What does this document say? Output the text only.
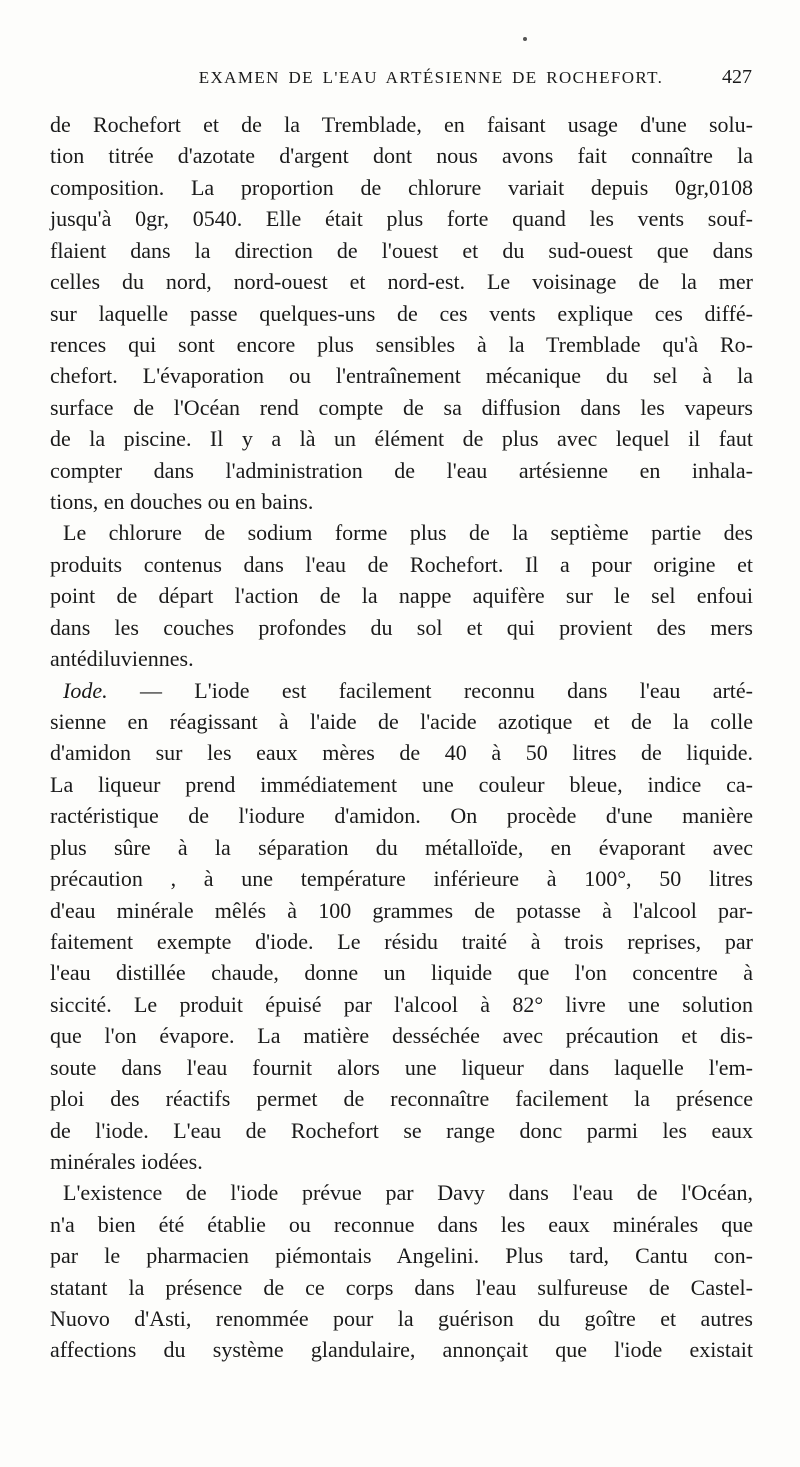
EXAMEN DE L'EAU ARTÉSIENNE DE ROCHEFORT.	427
de Rochefort et de la Tremblade, en faisant usage d'une solu-
tion titrée d'azotate d'argent dont nous avons fait connaître la
composition. La proportion de chlorure variait depuis 0gr,0108
jusqu'à 0gr, 0540. Elle était plus forte quand les vents souf-
flaient dans la direction de l'ouest et du sud-ouest que dans
celles du nord, nord-ouest et nord-est. Le voisinage de la mer
sur laquelle passe quelques-uns de ces vents explique ces diffé-
rences qui sont encore plus sensibles à la Tremblade qu'à Ro-
chefort. L'évaporation ou l'entraînement mécanique du sel à la
surface de l'Océan rend compte de sa diffusion dans les vapeurs
de la piscine. Il y a là un élément de plus avec lequel il faut
compter dans l'administration de l'eau artésienne en inhala-
tions, en douches ou en bains.
Le chlorure de sodium forme plus de la septième partie des
produits contenus dans l'eau de Rochefort. Il a pour origine et
point de départ l'action de la nappe aquifère sur le sel enfoui
dans les couches profondes du sol et qui provient des mers
antédiluviennes.
Iode. — L'iode est facilement reconnu dans l'eau arté-
sienne en réagissant à l'aide de l'acide azotique et de la colle
d'amidon sur les eaux mères de 40 à 50 litres de liquide.
La liqueur prend immédiatement une couleur bleue, indice ca-
ractéristique de l'iodure d'amidon. On procède d'une manière
plus sûre à la séparation du métalloïde, en évaporant avec
précaution , à une température inférieure à 100°, 50 litres
d'eau minérale mêlés à 100 grammes de potasse à l'alcool par-
faitement exempte d'iode. Le résidu traité à trois reprises, par
l'eau distillée chaude, donne un liquide que l'on concentre à
siccité. Le produit épuisé par l'alcool à 82° livre une solution
que l'on évapore. La matière desséchée avec précaution et dis-
soute dans l'eau fournit alors une liqueur dans laquelle l'em-
ploi des réactifs permet de reconnaître facilement la présence
de l'iode. L'eau de Rochefort se range donc parmi les eaux
minérales iodées.
L'existence de l'iode prévue par Davy dans l'eau de l'Océan,
n'a bien été établie ou reconnue dans les eaux minérales que
par le pharmacien piémontais Angelini. Plus tard, Cantu con-
statant la présence de ce corps dans l'eau sulfureuse de Castel-
Nuovo d'Asti, renommée pour la guérison du goître et autres
affections du système glandulaire, annonçait que l'iode existait
